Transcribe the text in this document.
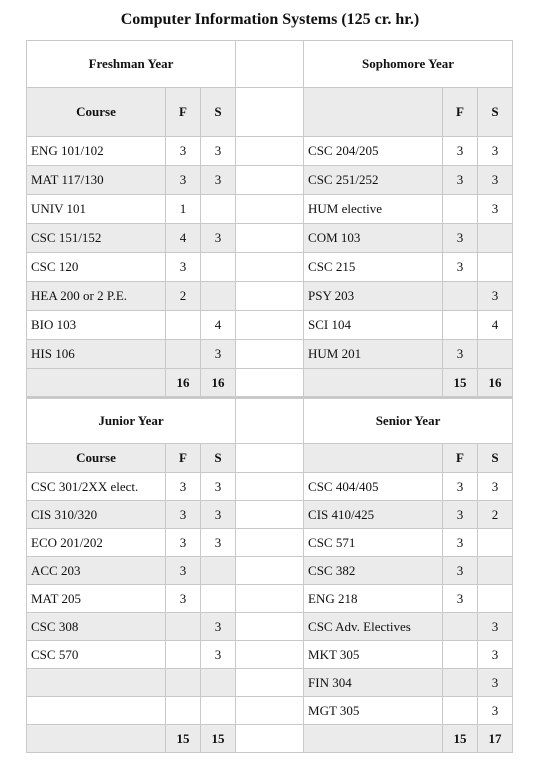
Computer Information Systems (125 cr. hr.)
Freshman Year				Sophomore Year		
Course	F	S			F	S
ENG 101/102	3	3		CSC 204/205	3	3
MAT 117/130	3	3		CSC 251/252	3	3
UNIV 101	1			HUM elective		3
CSC 151/152	4	3		COM 103	3	
CSC 120	3			CSC 215	3	
HEA 200 or 2 P.E.	2			PSY 203		3
BIO 103		4		SCI 104		4
HIS 106		3		HUM 201	3	
	16	16			15	16
Junior Year				Senior Year		
Course	F	S			F	S
CSC 301/2XX elect.	3	3		CSC 404/405	3	3
CIS 310/320	3	3		CIS 410/425	3	2
ECO 201/202	3	3		CSC 571	3	
ACC 203	3			CSC 382	3	
MAT 205	3			ENG 218	3	
CSC 308		3		CSC Adv. Electives		3
CSC 570		3		MKT 305		3
				FIN 304		3
				MGT 305		3
	15	15			15	17
